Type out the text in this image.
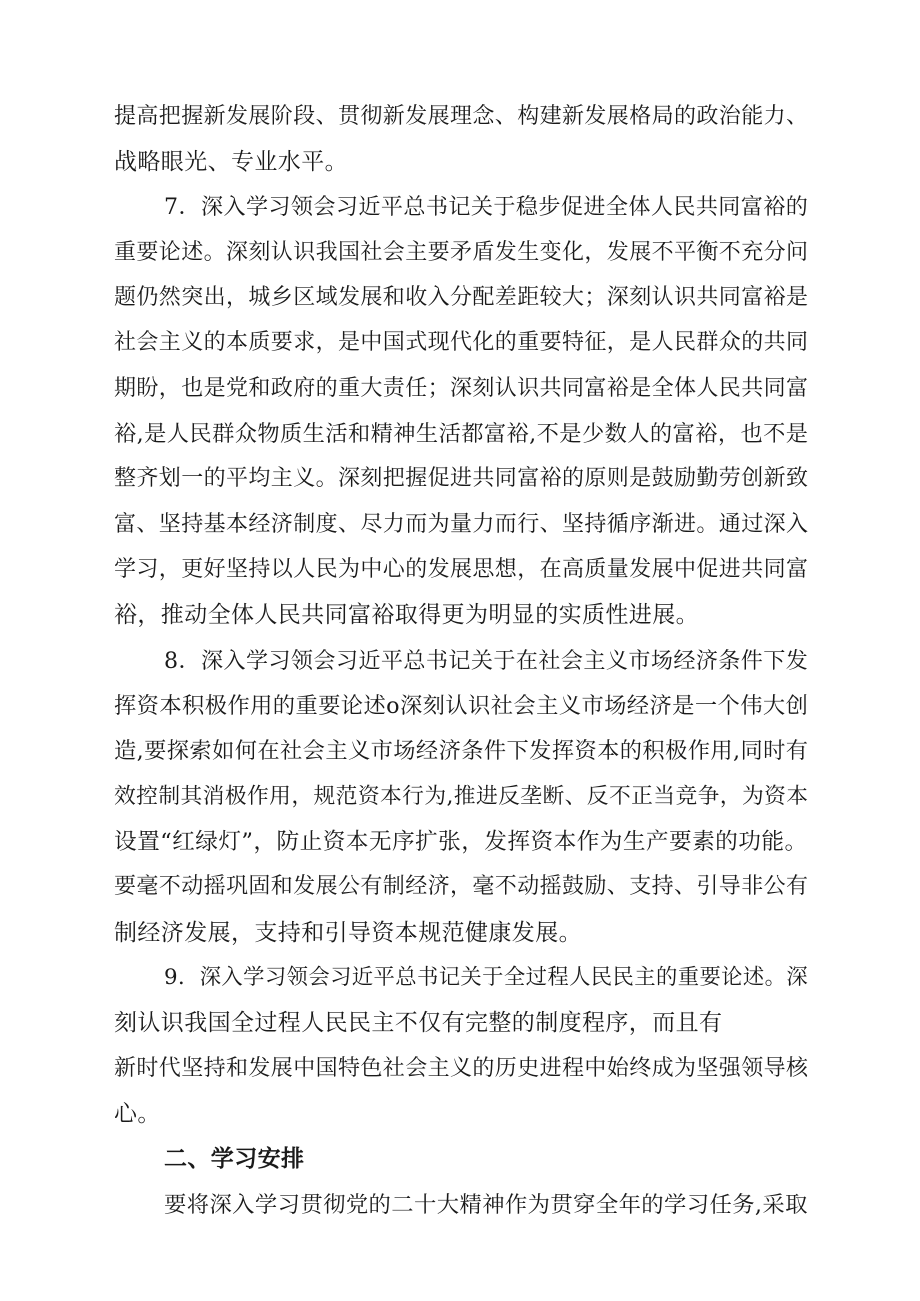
提高把握新发展阶段、贯彻新发展理念、构建新发展格局的政治能力、
战略眼光、专业水平。
7．深入学习领会习近平总书记关于稳步促进全体人民共同富裕的
重要论述。深刻认识我国社会主要矛盾发生变化，发展不平衡不充分问
题仍然突出，城乡区域发展和收入分配差距较大；深刻认识共同富裕是
社会主义的本质要求，是中国式现代化的重要特征，是人民群众的共同
期盼，也是党和政府的重大责任；深刻认识共同富裕是全体人民共同富
裕,是人民群众物质生活和精神生活都富裕,不是少数人的富裕，也不是
整齐划一的平均主义。深刻把握促进共同富裕的原则是鼓励勤劳创新致
富、坚持基本经济制度、尽力而为量力而行、坚持循序渐进。通过深入
学习，更好坚持以人民为中心的发展思想，在高质量发展中促进共同富
裕，推动全体人民共同富裕取得更为明显的实质性进展。
8．深入学习领会习近平总书记关于在社会主义市场经济条件下发
挥资本积极作用的重要论述o深刻认识社会主义市场经济是一个伟大创
造,要探索如何在社会主义市场经济条件下发挥资本的积极作用,同时有
效控制其消极作用，规范资本行为,推进反垄断、反不正当竞争，为资本
设置“红绿灯”，防止资本无序扩张，发挥资本作为生产要素的功能。
要毫不动摇巩固和发展公有制经济，毫不动摇鼓励、支持、引导非公有
制经济发展，支持和引导资本规范健康发展。
9．深入学习领会习近平总书记关于全过程人民民主的重要论述。深
刻认识我国全过程人民民主不仅有完整的制度程序，而且有
新时代坚持和发展中国特色社会主义的历史进程中始终成为坚强领导核
心。
二、学习安排
要将深入学习贯彻党的二十大精神作为贯穿全年的学习任务,采取
